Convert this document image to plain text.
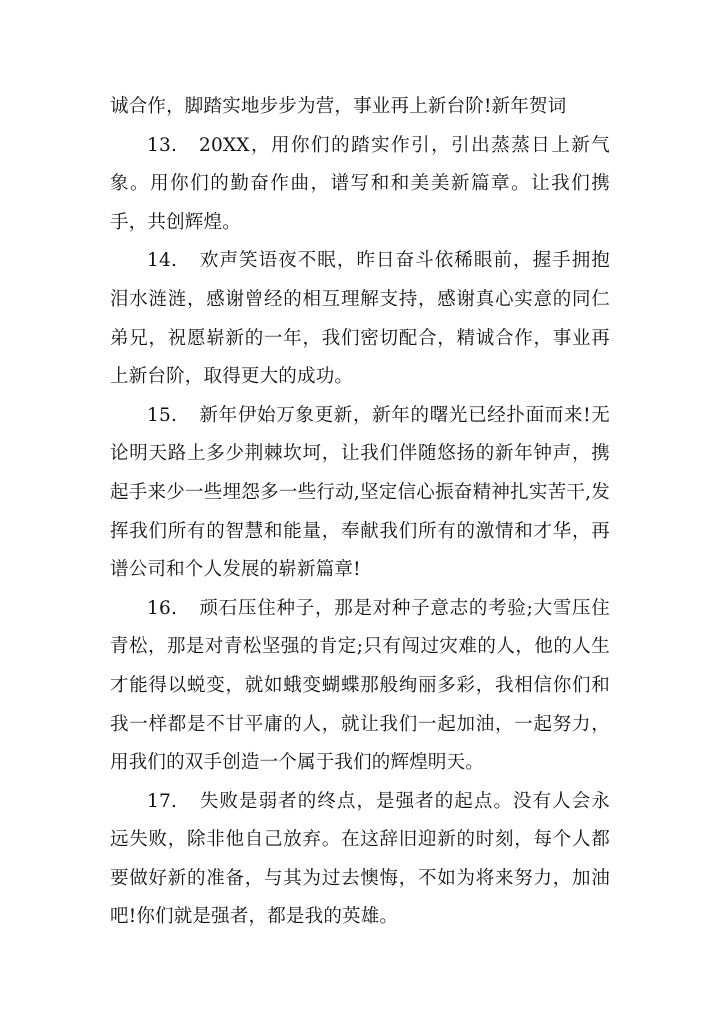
诚合作，脚踏实地步步为营，事业再上新台阶!新年贺词

13. 20XX，用你们的踏实作引，引出蒸蒸日上新气象。用你们的勤奋作曲，谱写和和美美新篇章。让我们携手，共创辉煌。

14. 欢声笑语夜不眠，昨日奋斗依稀眼前，握手拥抱泪水涟涟，感谢曾经的相互理解支持，感谢真心实意的同仁弟兄，祝愿崭新的一年，我们密切配合，精诚合作，事业再上新台阶，取得更大的成功。

15. 新年伊始万象更新，新年的曙光已经扑面而来!无论明天路上多少荆棘坎坷，让我们伴随悠扬的新年钟声，携起手来少一些埋怨多一些行动,坚定信心振奋精神扎实苦干,发挥我们所有的智慧和能量，奉献我们所有的激情和才华，再谱公司和个人发展的崭新篇章!

16. 顽石压住种子，那是对种子意志的考验;大雪压住青松，那是对青松坚强的肯定;只有闯过灾难的人，他的人生才能得以蜕变，就如蛾变蝴蝶那般绚丽多彩，我相信你们和我一样都是不甘平庸的人，就让我们一起加油，一起努力，用我们的双手创造一个属于我们的辉煌明天。

17. 失败是弱者的终点，是强者的起点。没有人会永远失败，除非他自己放弃。在这辞旧迎新的时刻，每个人都要做好新的准备，与其为过去懊悔，不如为将来努力，加油吧!你们就是强者，都是我的英雄。
